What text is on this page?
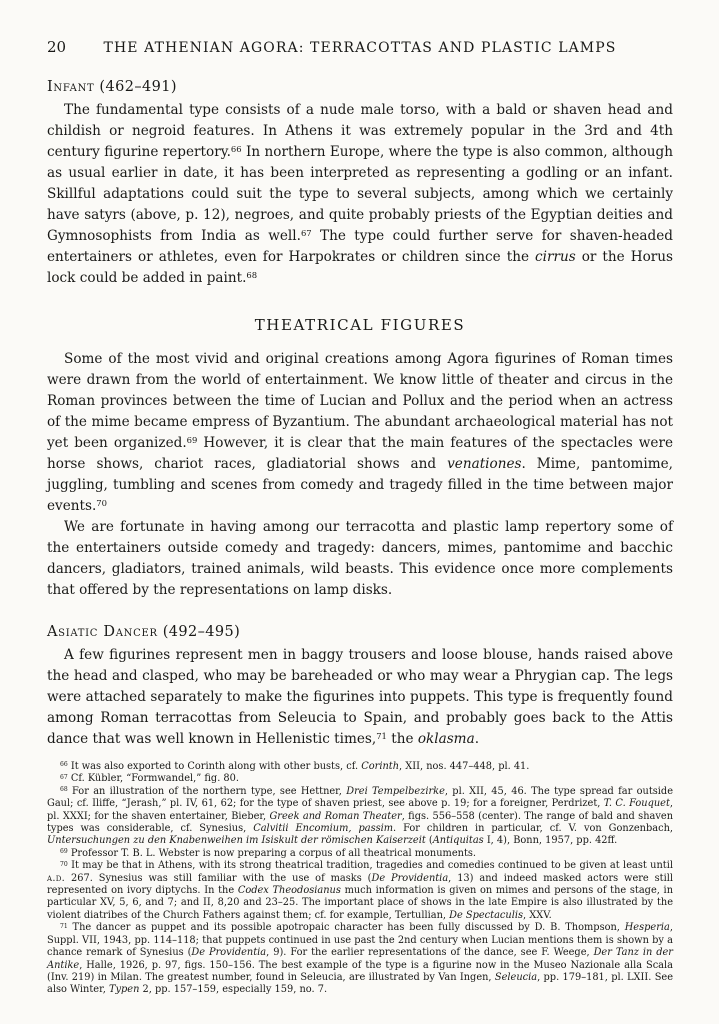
20	THE ATHENIAN AGORA: TERRACOTTAS AND PLASTIC LAMPS
Infant (462–491)

The fundamental type consists of a nude male torso, with a bald or shaven head and childish or negroid features. In Athens it was extremely popular in the 3rd and 4th century figurine repertory.$^{66}$ In northern Europe, where the type is also common, although as usual earlier in date, it has been interpreted as representing a godling or an infant. Skillful adaptations could suit the type to several subjects, among which we certainly have satyrs (above, p. 12), negroes, and quite probably priests of the Egyptian deities and Gymnosophists from India as well.$^{67}$ The type could further serve for shaven-headed entertainers or athletes, even for Harpokrates or children since the cirrus or the Horus lock could be added in paint.$^{68}$

THEATRICAL FIGURES

Some of the most vivid and original creations among Agora figurines of Roman times were drawn from the world of entertainment. We know little of theater and circus in the Roman provinces between the time of Lucian and Pollux and the period when an actress of the mime became empress of Byzantium. The abundant archaeological material has not yet been organized.$^{69}$ However, it is clear that the main features of the spectacles were horse shows, chariot races, gladiatorial shows and venationes. Mime, pantomime, juggling, tumbling and scenes from comedy and tragedy filled in the time between major events.$^{70}$

We are fortunate in having among our terracotta and plastic lamp repertory some of the entertainers outside comedy and tragedy: dancers, mimes, pantomime and bacchic dancers, gladiators, trained animals, wild beasts. This evidence once more complements that offered by the representations on lamp disks.

Asiatic Dancer (492–495)

A few figurines represent men in baggy trousers and loose blouse, hands raised above the head and clasped, who may be bareheaded or who may wear a Phrygian cap. The legs were attached separately to make the figurines into puppets. This type is frequently found among Roman terracottas from Seleucia to Spain, and probably goes back to the Attis dance that was well known in Hellenistic times,$^{71}$ the oklasma.

$^{66}$ It was also exported to Corinth along with other busts, cf. Corinth, XII, nos. 447–448, pl. 41.

$^{67}$ Cf. Kübler, “Formwandel,” fig. 80.

$^{68}$ For an illustration of the northern type, see Hettner, Drei Tempelbezirke, pl. XII, 45, 46. The type spread far outside Gaul; cf. Iliffe, “Jerash,” pl. IV, 61, 62; for the type of shaven priest, see above p. 19; for a foreigner, Perdrizet, T. C. Fouquet, pl. XXXI; for the shaven entertainer, Bieber, Greek and Roman Theater, figs. 556–558 (center). The range of bald and shaven types was considerable, cf. Synesius, Calvitii Encomium, passim. For children in particular, cf. V. von Gonzenbach, Untersuchungen zu den Knabenweihen im Isiskult der römischen Kaiserzeit (Antiquitas I, 4), Bonn, 1957, pp. 42ff.

$^{69}$ Professor T. B. L. Webster is now preparing a corpus of all theatrical monuments.

$^{70}$ It may be that in Athens, with its strong theatrical tradition, tragedies and comedies continued to be given at least until a.d. 267. Synesius was still familiar with the use of masks (De Providentia, 13) and indeed masked actors were still represented on ivory diptychs. In the Codex Theodosianus much information is given on mimes and persons of the stage, in particular XV, 5, 6, and 7; and II, 8,20 and 23–25. The important place of shows in the late Empire is also illustrated by the violent diatribes of the Church Fathers against them; cf. for example, Tertullian, De Spectaculis, XXV.

$^{71}$ The dancer as puppet and its possible apotropaic character has been fully discussed by D. B. Thompson, Hesperia, Suppl. VII, 1943, pp. 114–118; that puppets continued in use past the 2nd century when Lucian mentions them is shown by a chance remark of Synesius (De Providentia, 9). For the earlier representations of the dance, see F. Weege, Der Tanz in der Antike, Halle, 1926, p. 97, figs. 150–156. The best example of the type is a figurine now in the Museo Nazionale alla Scala (Inv. 219) in Milan. The greatest number, found in Seleucia, are illustrated by Van Ingen, Seleucia, pp. 179–181, pl. LXII. See also Winter, Typen 2, pp. 157–159, especially 159, no. 7.
